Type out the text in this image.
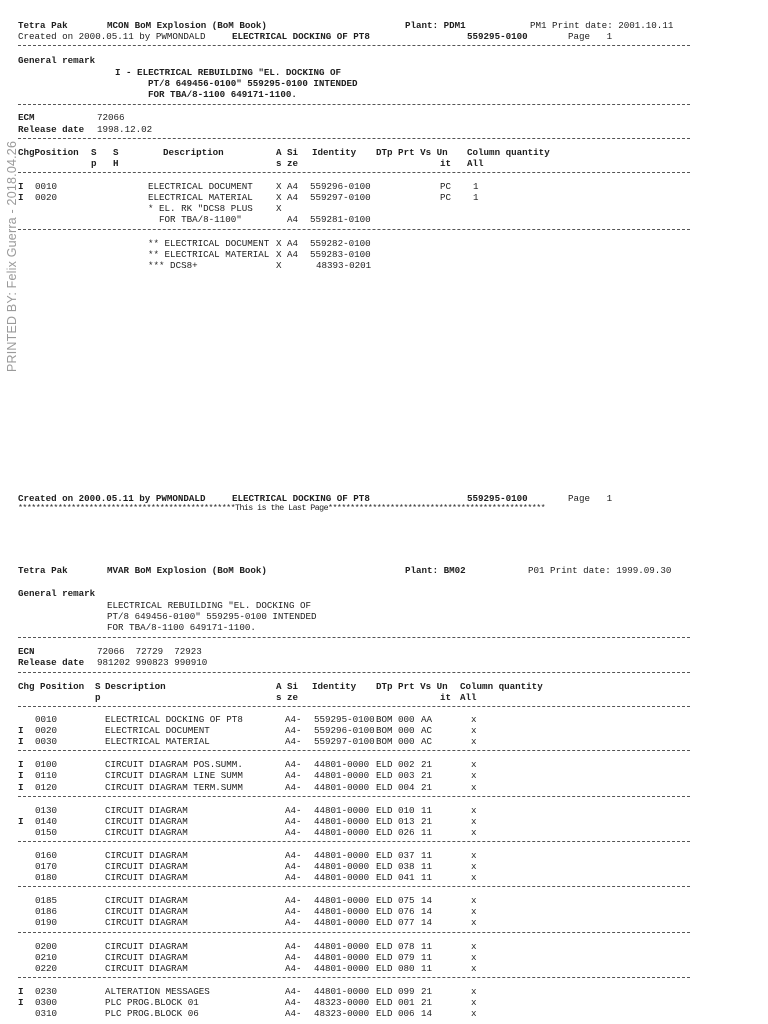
PRINTED BY: Felix Guerra - 2018.04.26
Tetra Pak	MCON BoM Explosion (BoM Book)	Plant: PDM1	PM1 Print date: 2001.10.11
Created on 2000.05.11 by PWMONDALD	ELECTRICAL DOCKING OF PT8	559295-0100	Page   1
General remark
I - ELECTRICAL REBUILDING "EL. DOCKING OF
PT/8 649456-0100" 559295-0100 INTENDED
FOR TBA/8-1100 649171-1100.
ECM	72066
Release date 1998.12.02
ChgPosition S
p
S
H
Description	A
s
Si
ze
Identity DTp Prt Vs Un
it
Column quantity
All
I 0010	ELECTRICAL DOCUMENT	X A4 559296-0100	PC 1
I 0020	ELECTRICAL MATERIAL	X A4 559297-0100	PC 1
* EL. RK "DCS8 PLUS	X
FOR TBA/8-1100"	A4 559281-0100
** ELECTRICAL DOCUMENT X A4 559282-0100
** ELECTRICAL MATERIAL X A4 559283-0100
*** DCS8+	X	48393-0201
Created on 2000.05.11 by PWMONDALD	ELECTRICAL DOCKING OF PT8	559295-0100	Page   1
*************************************************This is the Last Page*************************************************
Tetra Pak	MVAR BoM Explosion (BoM Book)	Plant: BM02	P01 Print date: 1999.09.30
General remark
ELECTRICAL REBUILDING "EL. DOCKING OF
PT/8 649456-0100" 559295-0100 INTENDED
FOR TBA/8-1100 649171-1100.
ECN	72066  72729  72923
Release date 981202 990823 990910
Chg Position S
p
Description	A
s
Si
ze
Identity DTp Prt Vs Un
it
Column quantity
All
0010	ELECTRICAL DOCKING OF PT8	A4- 559295-0100 BOM 000 AA	x
I 0020	ELECTRICAL DOCUMENT	A4- 559296-0100 BOM 000 AC	x
I 0030	ELECTRICAL MATERIAL	A4- 559297-0100 BOM 000 AC	x
I 0100	CIRCUIT DIAGRAM POS.SUMM.	A4- 44801-0000 ELD 002 21	x
I 0110	CIRCUIT DIAGRAM LINE SUMM	A4- 44801-0000 ELD 003 21	x
I 0120	CIRCUIT DIAGRAM TERM.SUMM	A4- 44801-0000 ELD 004 21	x
0130	CIRCUIT DIAGRAM	A4- 44801-0000 ELD 010 11	x
I 0140	CIRCUIT DIAGRAM	A4- 44801-0000 ELD 013 21	x
0150	CIRCUIT DIAGRAM	A4- 44801-0000 ELD 026 11	x
0160	CIRCUIT DIAGRAM	A4- 44801-0000 ELD 037 11	x
0170	CIRCUIT DIAGRAM	A4- 44801-0000 ELD 038 11	x
0180	CIRCUIT DIAGRAM	A4- 44801-0000 ELD 041 11	x
0185	CIRCUIT DIAGRAM	A4- 44801-0000 ELD 075 14	x
0186	CIRCUIT DIAGRAM	A4- 44801-0000 ELD 076 14	x
0190	CIRCUIT DIAGRAM	A4- 44801-0000 ELD 077 14	x
0200	CIRCUIT DIAGRAM	A4- 44801-0000 ELD 078 11	x
0210	CIRCUIT DIAGRAM	A4- 44801-0000 ELD 079 11	x
0220	CIRCUIT DIAGRAM	A4- 44801-0000 ELD 080 11	x
I 0230	ALTERATION MESSAGES	A4- 44801-0000 ELD 099 21	x
I 0300	PLC PROG.BLOCK 01	A4- 48323-0000 ELD 001 21	x
0310	PLC PROG.BLOCK 06	A4- 48323-0000 ELD 006 14	x
